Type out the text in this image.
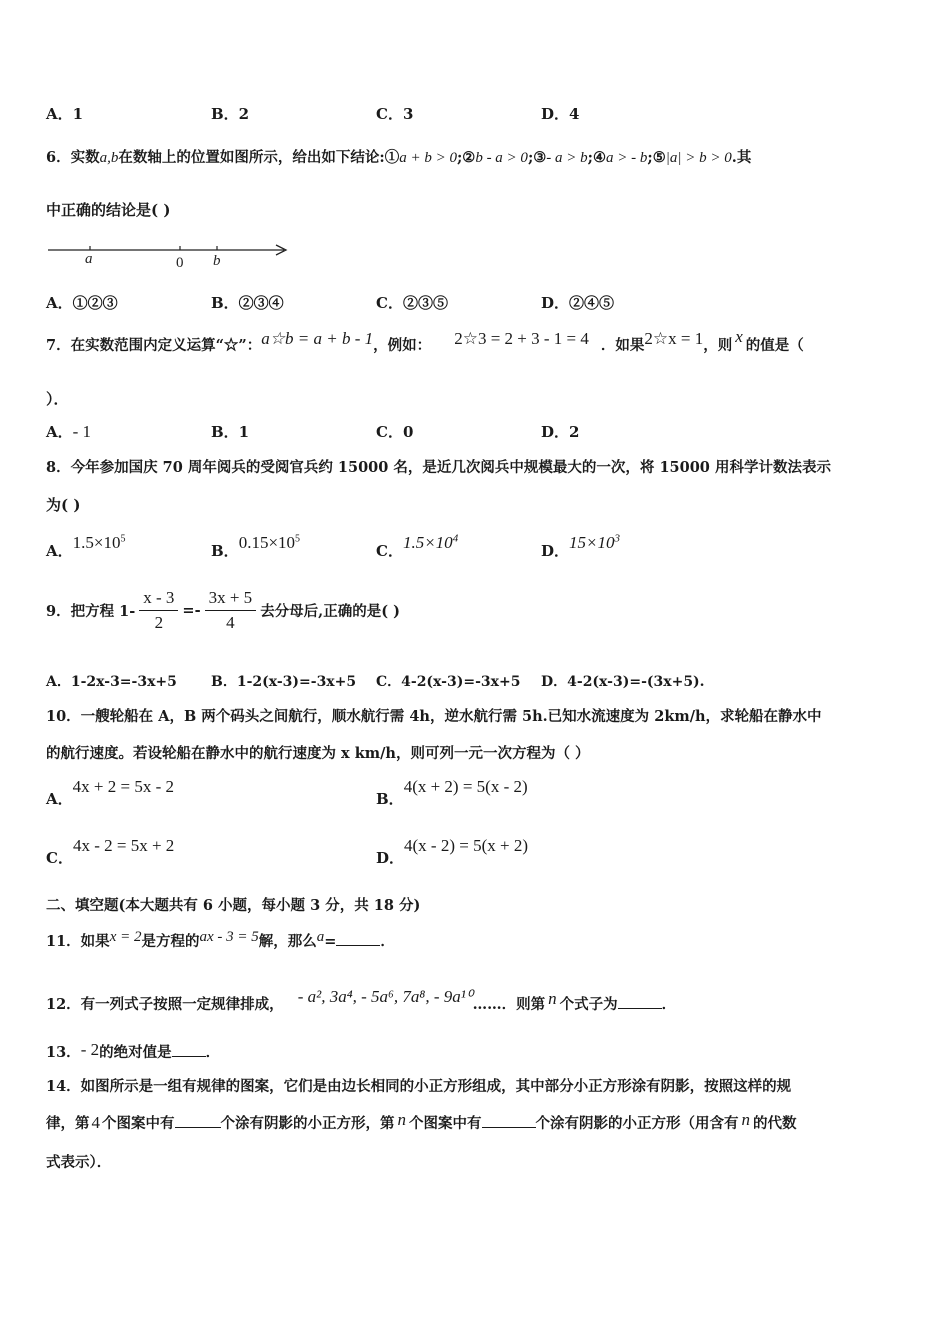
A．1	B．2	C．3	D．4
6．实数a,b在数轴上的位置如图所示，给出如下结论:①a + b > 0;②b - a > 0;③- a > b;④a > - b;⑤|a| > b > 0.其
中正确的结论是( )
a	0 b
A．①②③	B．②③④	C．②③⑤	D．②④⑤
7．在实数范围内定义运算“☆”：a☆b = a + b - 1，例如： 2☆3 = 2 + 3 - 1 = 4 ．如果2☆x = 1，则 x 的值是（
）．
A．- 1	B．1	C．0	D．2
8．今年参加国庆 70 周年阅兵的受阅官兵约 15000 名，是近几次阅兵中规模最大的一次，将 15000 用科学计数法表示
为( )
A．$1.5\times 10^5$
B．$0.15\times 10^5$
C．$1.5\times 10^4$
D．$15\times 10^3$
9．把方程 $1- \frac{x - 3}{2} =- \frac{3x + 5}{4}$ 去分母后,正确的是( )
A．1-2x-3=-3x+5 B．1-2(x-3)=-3x+5 C．4-2(x-3)=-3x+5 D．4-2(x-3)=-(3x+5).
10．一艘轮船在 A，B 两个码头之间航行，顺水航行需 4h，逆水航行需 5h.已知水流速度为 2km/h，求轮船在静水中
的航行速度。若设轮船在静水中的航行速度为 x km/h，则可列一元一次方程为（ ）
A．4x + 2 = 5x - 2
B．4(x + 2) = 5(x - 2)
C．4x - 2 = 5x + 2
D．4(x - 2) = 5(x + 2)
二、填空题(本大题共有 6 小题，每小题 3 分，共 18 分)
11．如果x = 2是方程的ax - 3 = 5解，那么a=	．
12．有一列式子按照一定规律排成， - a², 3a⁴, - 5a⁶, 7a⁸, - 9a¹⁰……．则第 n 个式子为	．
13．- 2的绝对值是 ．
14．如图所示是一组有规律的图案，它们是由边长相同的小正方形组成，其中部分小正方形涂有阴影，按照这样的规
律，第 4 个图案中有	个涂有阴影的小正方形，第 n 个图案中有	个涂有阴影的小正方形（用含有 n 的代数
式表示）．
